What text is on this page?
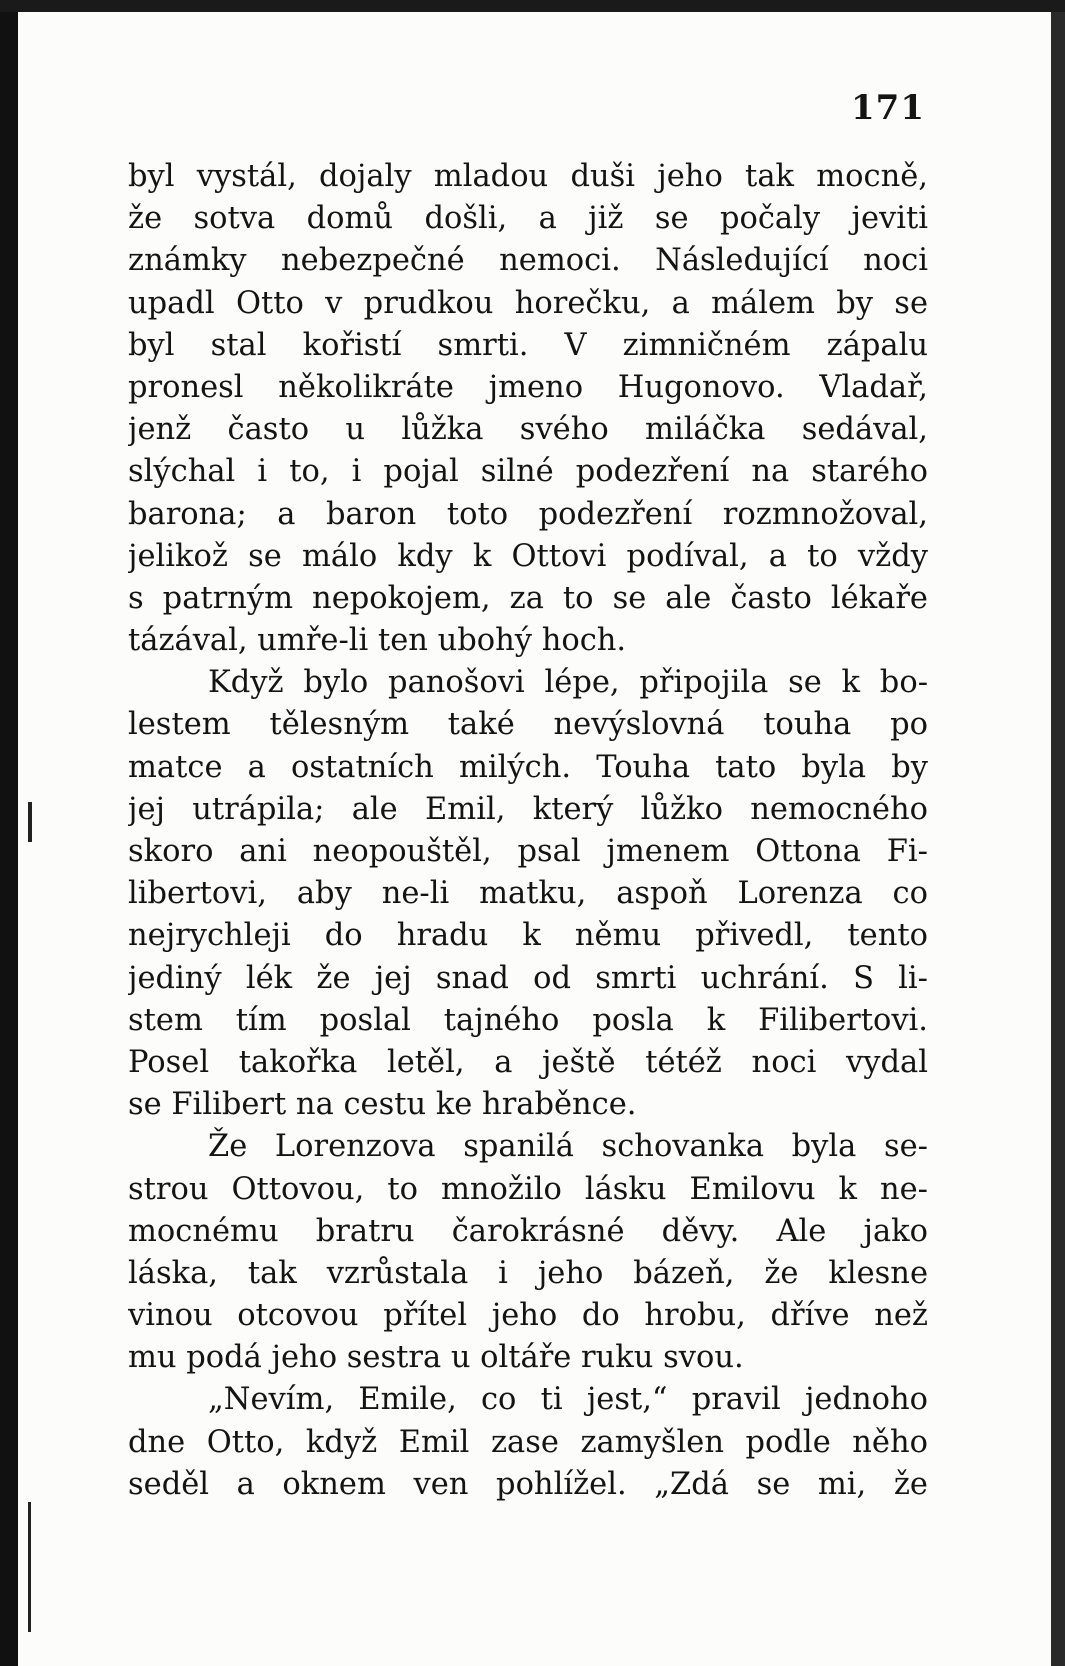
171
byl vystál, dojaly mladou duši jeho tak mocně,
že sotva domů došli, a již se počaly jeviti
známky nebezpečné nemoci. Následující noci
upadl Otto v prudkou horečku, a málem by se
byl stal kořistí smrti. V zimničném zápalu
pronesl několikráte jmeno Hugonovo. Vladař,
jenž často u lůžka svého miláčka sedával,
slýchal i to, i pojal silné podezření na starého
barona; a baron toto podezření rozmnožoval,
jelikož se málo kdy k Ottovi podíval, a to vždy
s patrným nepokojem, za to se ale často lékaře
tázával, umře-li ten ubohý hoch.
Když bylo panošovi lépe, připojila se k bo-
lestem tělesným také nevýslovná touha po
matce a ostatních milých. Touha tato byla by
jej utrápila; ale Emil, který lůžko nemocného
skoro ani neopouštěl, psal jmenem Ottona Fi-
libertovi, aby ne-li matku, aspoň Lorenza co
nejrychleji do hradu k němu přivedl, tento
jediný lék že jej snad od smrti uchrání. S li-
stem tím poslal tajného posla k Filibertovi.
Posel takořka letěl, a ještě tétéž noci vydal
se Filibert na cestu ke hraběnce.
Že Lorenzova spanilá schovanka byla se-
strou Ottovou, to množilo lásku Emilovu k ne-
mocnému bratru čarokrásné děvy. Ale jako
láska, tak vzrůstala i jeho bázeň, že klesne
vinou otcovou přítel jeho do hrobu, dříve než
mu podá jeho sestra u oltáře ruku svou.
„Nevím, Emile, co ti jest,“ pravil jednoho
dne Otto, když Emil zase zamyšlen podle něho
seděl a oknem ven pohlížel. „Zdá se mi, že
